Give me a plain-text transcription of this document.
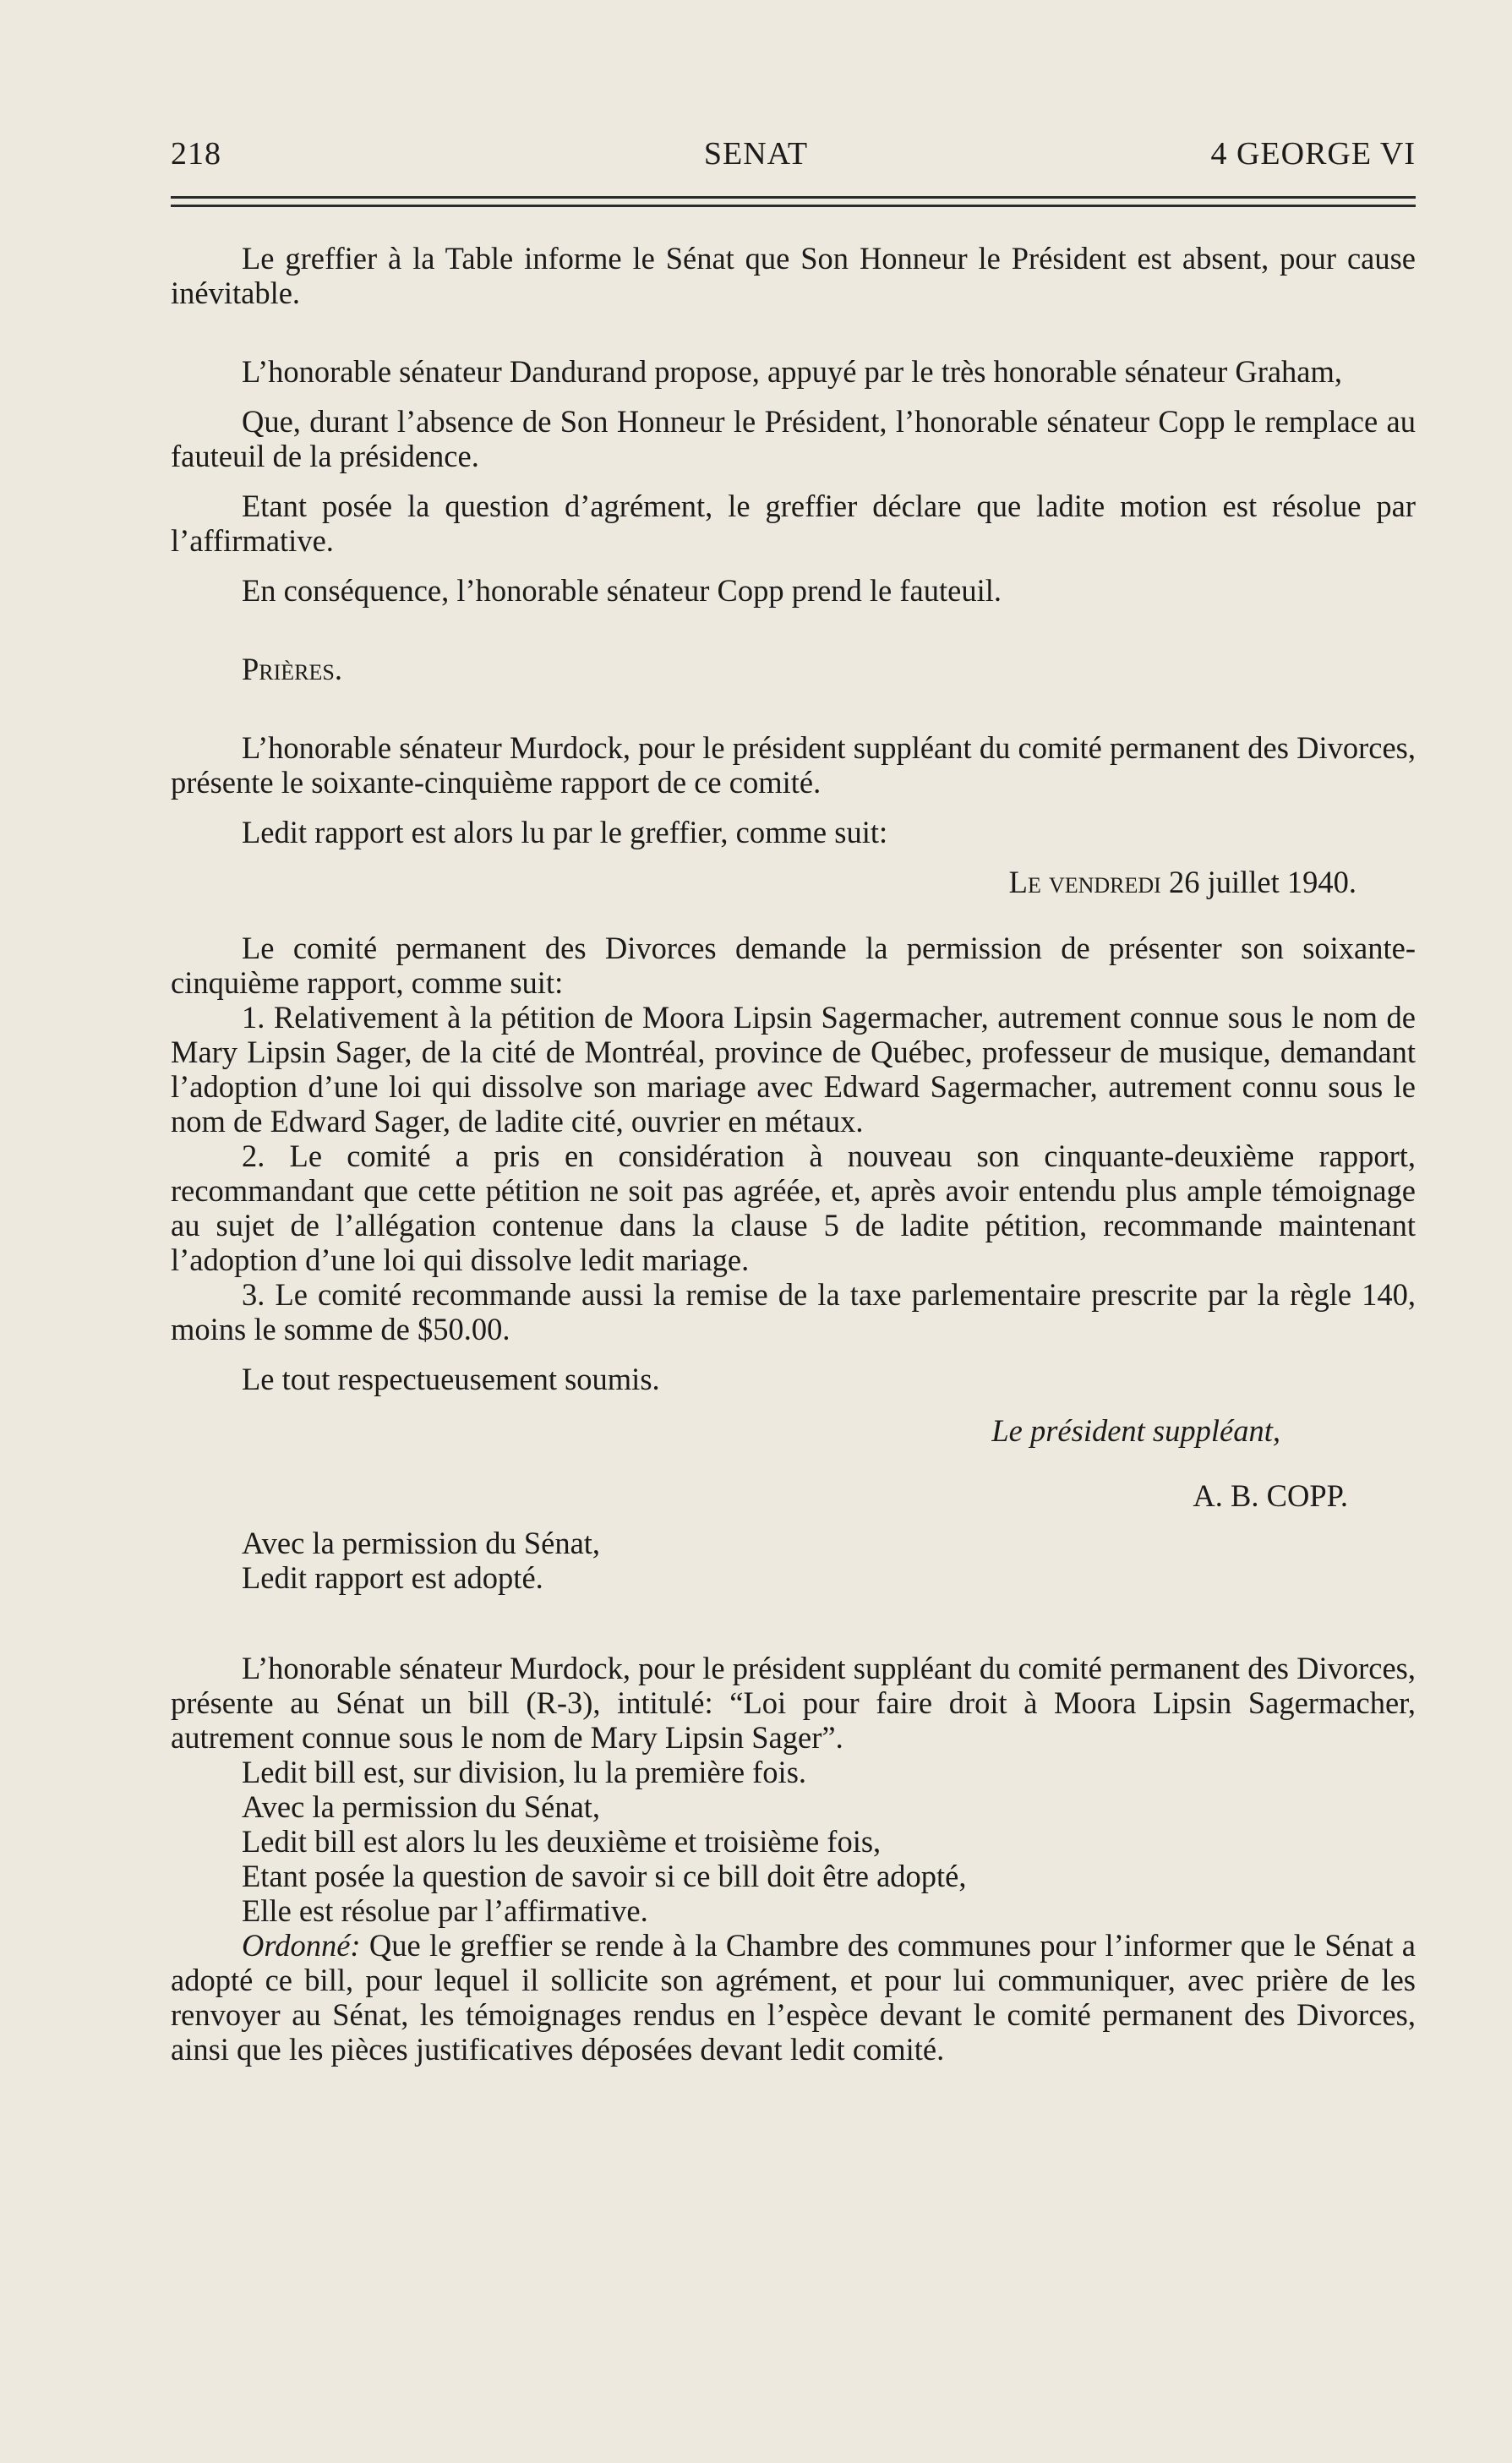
218	SENAT	4 GEORGE VI

Le greffier à la Table informe le Sénat que Son Honneur le Président est absent, pour cause inévitable.

L’honorable sénateur Dandurand propose, appuyé par le très honorable sénateur Graham,

Que, durant l’absence de Son Honneur le Président, l’honorable sénateur Copp le remplace au fauteuil de la présidence.

Etant posée la question d’agrément, le greffier déclare que ladite motion est résolue par l’affirmative.

En conséquence, l’honorable sénateur Copp prend le fauteuil.

Prières.

L’honorable sénateur Murdock, pour le président suppléant du comité permanent des Divorces, présente le soixante-cinquième rapport de ce comité.

Ledit rapport est alors lu par le greffier, comme suit:

Le vendredi 26 juillet 1940.

Le comité permanent des Divorces demande la permission de présenter son soixante-cinquième rapport, comme suit:

1. Relativement à la pétition de Moora Lipsin Sagermacher, autrement connue sous le nom de Mary Lipsin Sager, de la cité de Montréal, province de Québec, professeur de musique, demandant l’adoption d’une loi qui dissolve son mariage avec Edward Sagermacher, autrement connu sous le nom de Edward Sager, de ladite cité, ouvrier en métaux.

2. Le comité a pris en considération à nouveau son cinquante-deuxième rapport, recommandant que cette pétition ne soit pas agréée, et, après avoir entendu plus ample témoignage au sujet de l’allégation contenue dans la clause 5 de ladite pétition, recommande maintenant l’adoption d’une loi qui dissolve ledit mariage.

3. Le comité recommande aussi la remise de la taxe parlementaire prescrite par la règle 140, moins le somme de $50.00.

Le tout respectueusement soumis.

Le président suppléant,

A. B. COPP.

Avec la permission du Sénat,

Ledit rapport est adopté.

L’honorable sénateur Murdock, pour le président suppléant du comité permanent des Divorces, présente au Sénat un bill (R-3), intitulé: “Loi pour faire droit à Moora Lipsin Sagermacher, autrement connue sous le nom de Mary Lipsin Sager”.

Ledit bill est, sur division, lu la première fois.

Avec la permission du Sénat,

Ledit bill est alors lu les deuxième et troisième fois,

Etant posée la question de savoir si ce bill doit être adopté,

Elle est résolue par l’affirmative.

Ordonné: Que le greffier se rende à la Chambre des communes pour l’informer que le Sénat a adopté ce bill, pour lequel il sollicite son agrément, et pour lui communiquer, avec prière de les renvoyer au Sénat, les témoignages rendus en l’espèce devant le comité permanent des Divorces, ainsi que les pièces justificatives déposées devant ledit comité.
